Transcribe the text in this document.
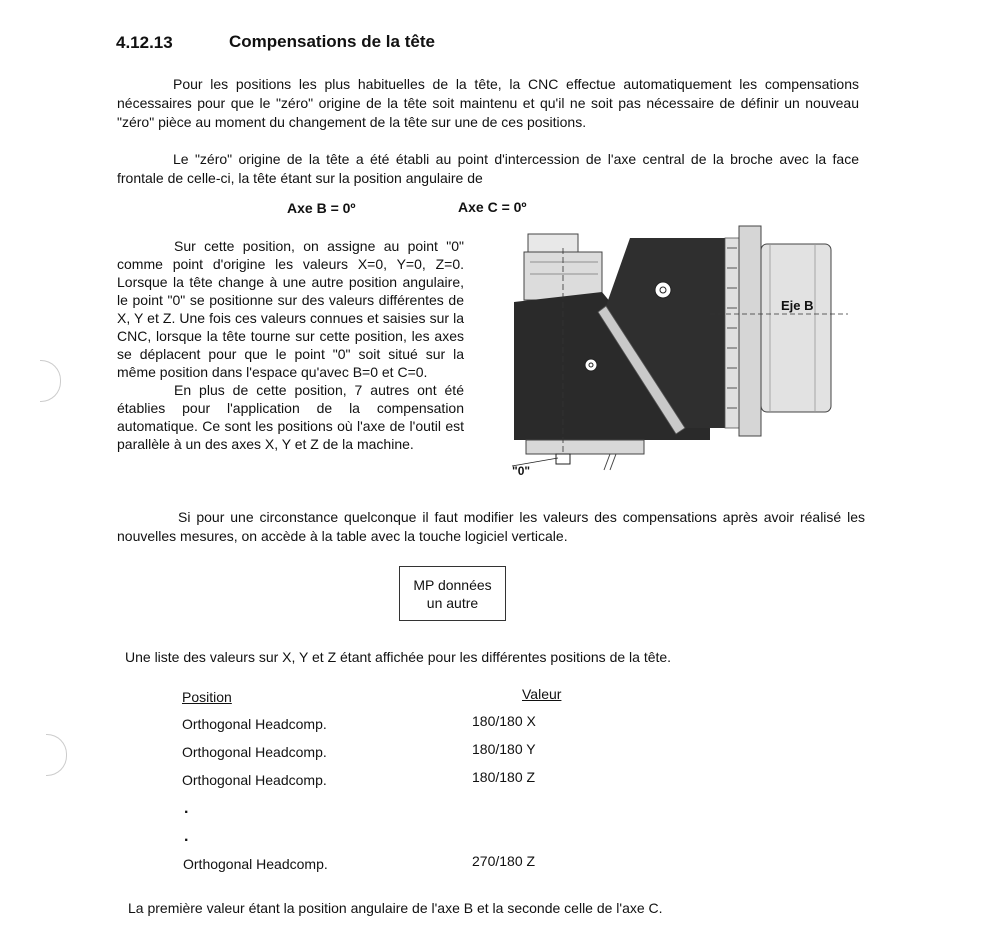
4.12.13	Compensations de la tête
Pour les positions les plus habituelles de la tête, la CNC effectue automatiquement les compensations nécessaires pour que le "zéro" origine de la tête soit maintenu et qu'il ne soit pas nécessaire de définir un nouveau "zéro" pièce au moment du changement de la tête sur une de ces positions.
Le "zéro" origine de la tête a été établi au point d'intercession de l'axe central de la broche avec la face frontale de celle-ci, la tête étant sur la position angulaire de
Axe B = 0º	Axe C = 0º
Sur cette position, on assigne au point "0" comme point d'origine les valeurs X=0, Y=0, Z=0. Lorsque la tête change à une autre position angulaire, le point "0" se positionne sur des valeurs différentes de X, Y et Z. Une fois ces valeurs connues et saisies sur la CNC, lorsque la tête tourne sur cette position, les axes se déplacent pour que le point "0" soit situé sur la même position dans l'espace qu'avec B=0 et C=0.
En plus de cette position, 7 autres ont été établies pour l'application de la compensation automatique. Ce sont les positions où l'axe de l'outil est parallèle à un des axes X, Y et Z de la machine.
Eje B
"0"
Si pour une circonstance quelconque il faut modifier les valeurs des compensations après avoir réalisé les nouvelles mesures, on accède à la table avec la touche logiciel verticale.
MP données
un autre
Une liste des valeurs sur X, Y et Z étant affichée pour les différentes positions de la tête.
Position	Valeur
Orthogonal Headcomp.	180/180 X
Orthogonal Headcomp.	180/180 Y
Orthogonal Headcomp.	180/180 Z
.
.
Orthogonal Headcomp.	270/180 Z
La première valeur étant la position angulaire de l'axe B et la seconde celle de l'axe C.
